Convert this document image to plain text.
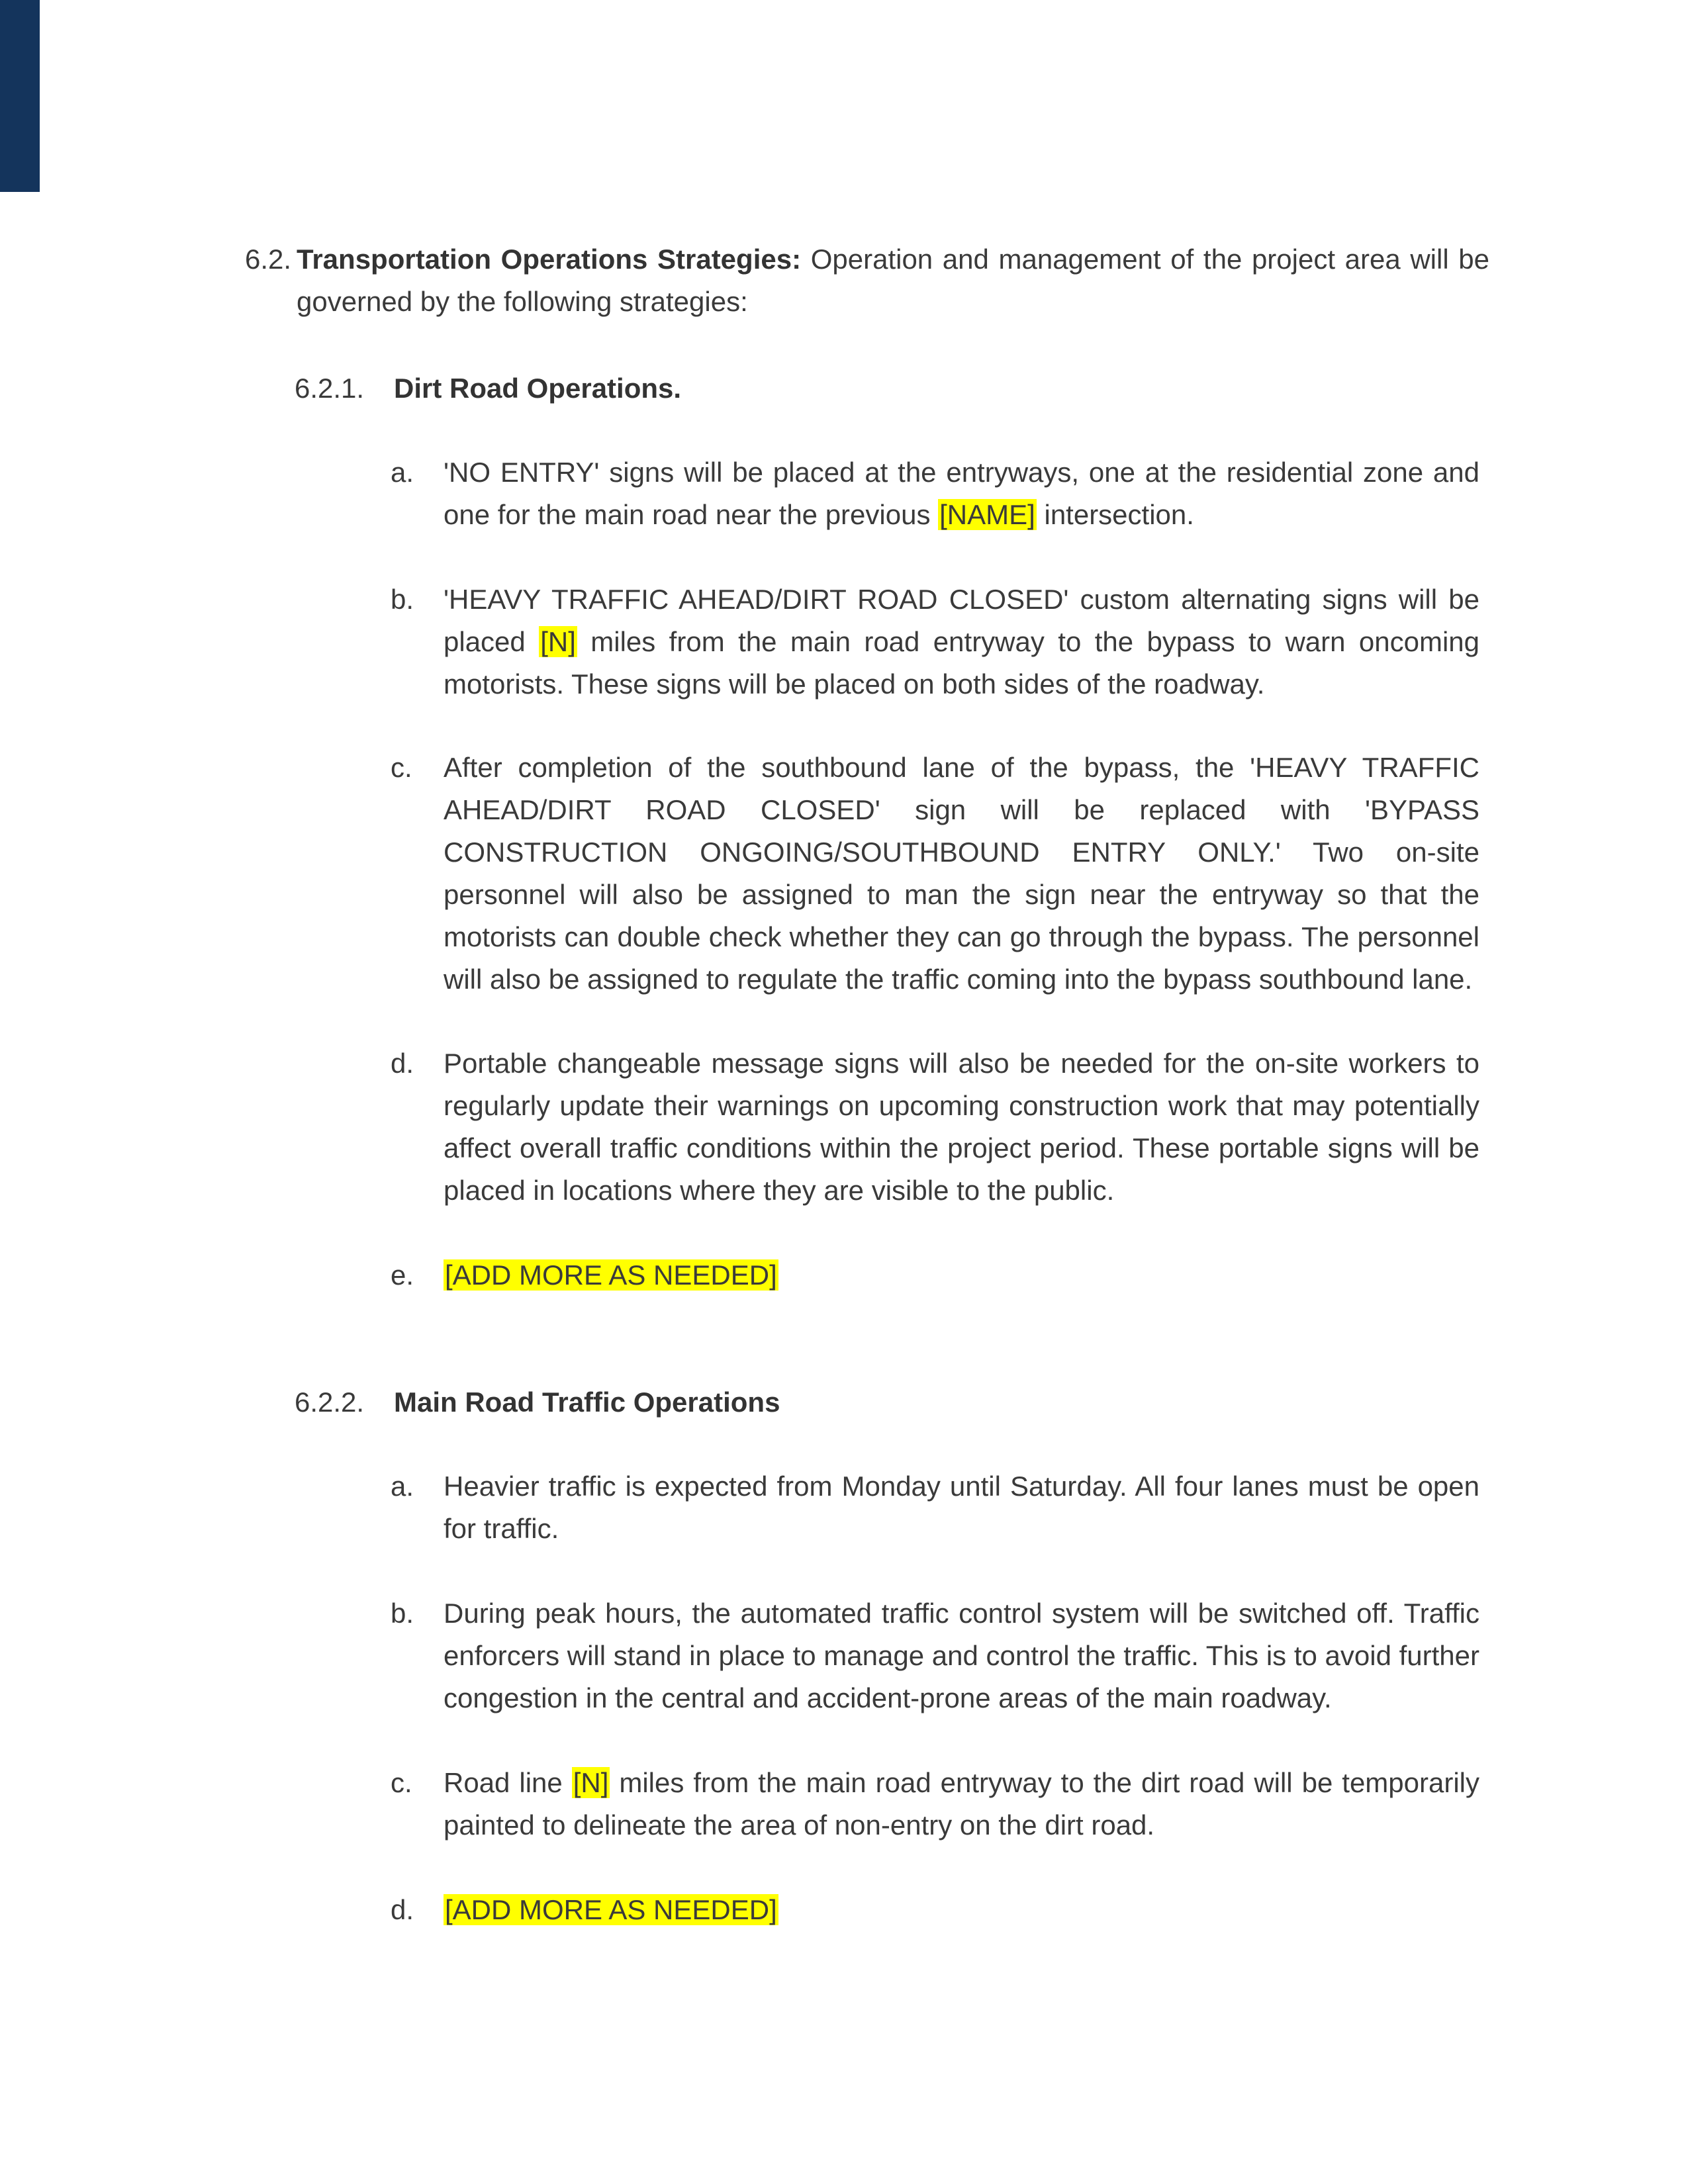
6.2. Transportation Operations Strategies: Operation and management of the project area will be governed by the following strategies:

6.2.1. Dirt Road Operations.
a. 'NO ENTRY' signs will be placed at the entryways, one at the residential zone and one for the main road near the previous [NAME] intersection.

b. 'HEAVY TRAFFIC AHEAD/DIRT ROAD CLOSED' custom alternating signs will be placed [N] miles from the main road entryway to the bypass to warn oncoming motorists. These signs will be placed on both sides of the roadway.

c. After completion of the southbound lane of the bypass, the 'HEAVY TRAFFIC AHEAD/DIRT ROAD CLOSED' sign will be replaced with 'BYPASS CONSTRUCTION ONGOING/SOUTHBOUND ENTRY ONLY.' Two on-site personnel will also be assigned to man the sign near the entryway so that the motorists can double check whether they can go through the bypass. The personnel will also be assigned to regulate the traffic coming into the bypass southbound lane.

d. Portable changeable message signs will also be needed for the on-site workers to regularly update their warnings on upcoming construction work that may potentially affect overall traffic conditions within the project period. These portable signs will be placed in locations where they are visible to the public.

e. [ADD MORE AS NEEDED]

6.2.2. Main Road Traffic Operations
a. Heavier traffic is expected from Monday until Saturday. All four lanes must be open for traffic.

b. During peak hours, the automated traffic control system will be switched off. Traffic enforcers will stand in place to manage and control the traffic. This is to avoid further congestion in the central and accident-prone areas of the main roadway.

c. Road line [N] miles from the main road entryway to the dirt road will be temporarily painted to delineate the area of non-entry on the dirt road.

d. [ADD MORE AS NEEDED]
